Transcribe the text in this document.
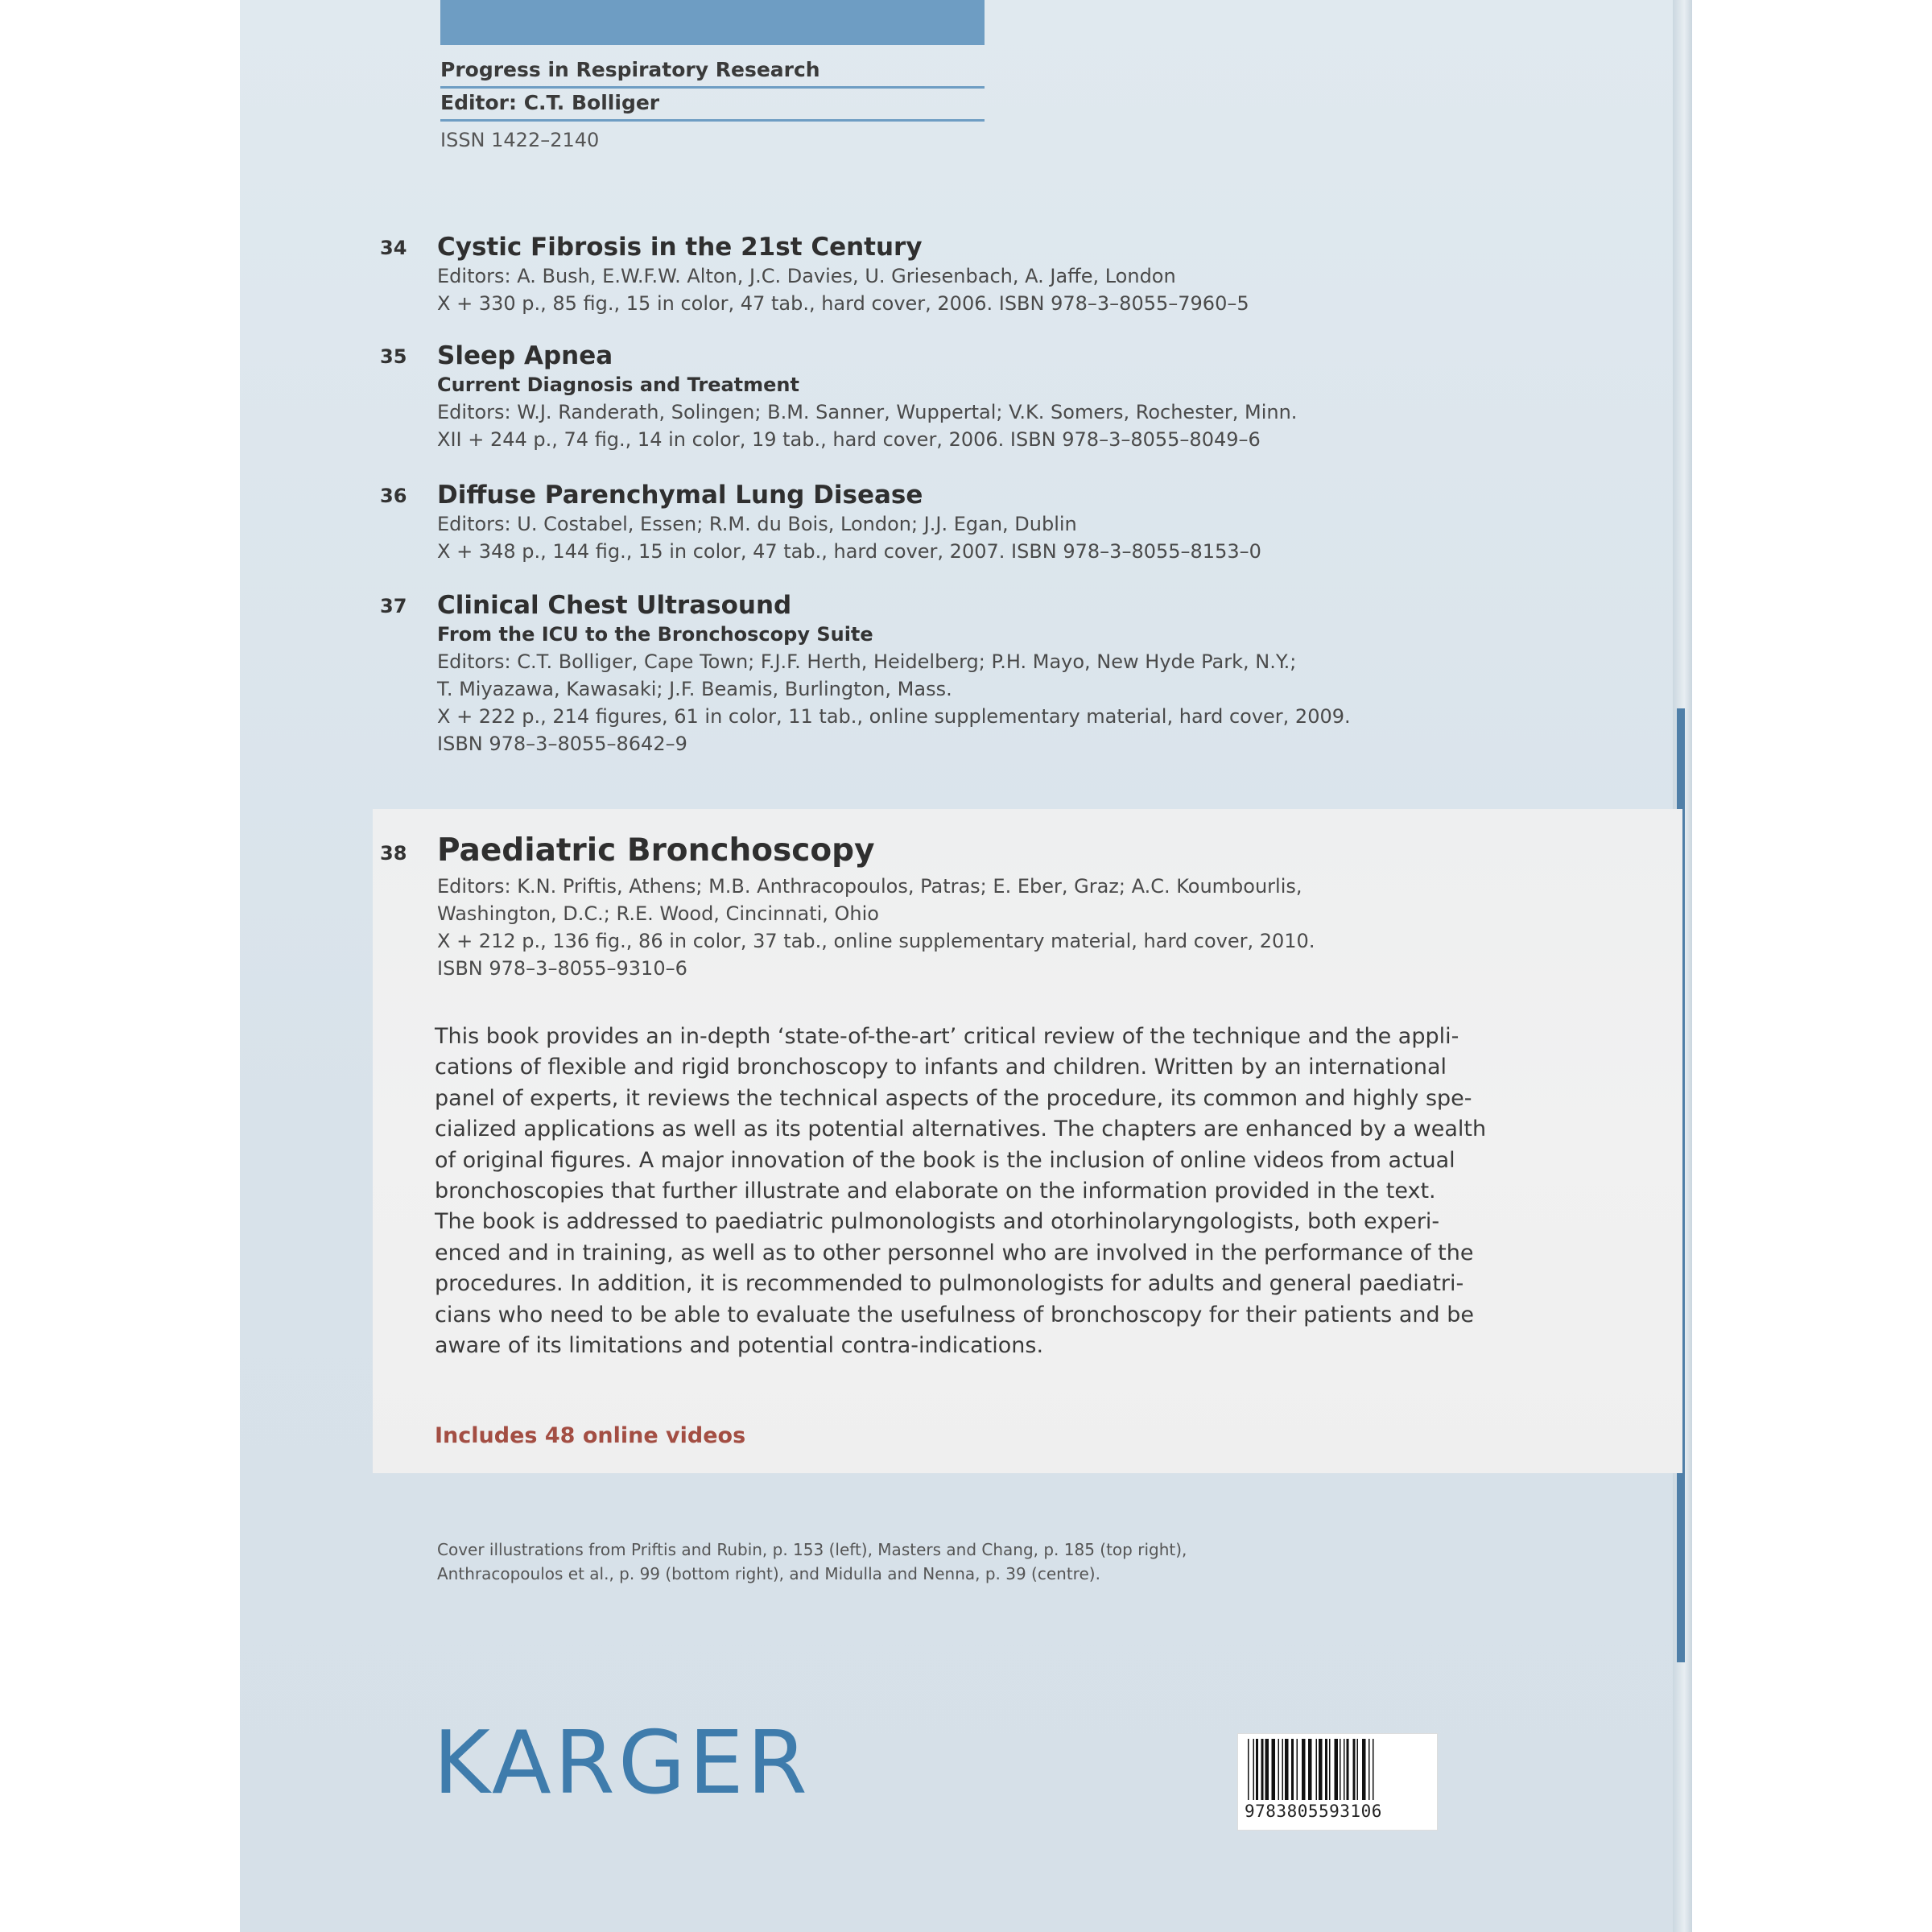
Progress in Respiratory Research
Editor: C.T. Bolliger
ISSN 1422–2140
34	Cystic Fibrosis in the 21st Century
Editors: A. Bush, E.W.F.W. Alton, J.C. Davies, U. Griesenbach, A. Jaffe, London
X + 330 p., 85 fig., 15 in color, 47 tab., hard cover, 2006. ISBN 978–3–8055–7960–5
35	Sleep Apnea
Current Diagnosis and Treatment
Editors: W.J. Randerath, Solingen; B.M. Sanner, Wuppertal; V.K. Somers, Rochester, Minn.
XII + 244 p., 74 fig., 14 in color, 19 tab., hard cover, 2006. ISBN 978–3–8055–8049–6
36	Diffuse Parenchymal Lung Disease
Editors: U. Costabel, Essen; R.M. du Bois, London; J.J. Egan, Dublin
X + 348 p., 144 fig., 15 in color, 47 tab., hard cover, 2007. ISBN 978–3–8055–8153–0
37	Clinical Chest Ultrasound
From the ICU to the Bronchoscopy Suite
Editors: C.T. Bolliger, Cape Town; F.J.F. Herth, Heidelberg; P.H. Mayo, New Hyde Park, N.Y.;
T. Miyazawa, Kawasaki; J.F. Beamis, Burlington, Mass.
X + 222 p., 214 figures, 61 in color, 11 tab., online supplementary material, hard cover, 2009.
ISBN 978–3–8055–8642–9
38 Paediatric Bronchoscopy
Editors: K.N. Priftis, Athens; M.B. Anthracopoulos, Patras; E. Eber, Graz; A.C. Koumbourlis,
Washington, D.C.; R.E. Wood, Cincinnati, Ohio
X + 212 p., 136 fig., 86 in color, 37 tab., online supplementary material, hard cover, 2010.
ISBN 978–3–8055–9310–6
This book provides an in-depth ‘state-of-the-art’ critical review of the technique and the appli-
cations of flexible and rigid bronchoscopy to infants and children. Written by an international
panel of experts, it reviews the technical aspects of the procedure, its common and highly spe-
cialized applications as well as its potential alternatives. The chapters are enhanced by a wealth
of original figures. A major innovation of the book is the inclusion of online videos from actual
bronchoscopies that further illustrate and elaborate on the information provided in the text.
The book is addressed to paediatric pulmonologists and otorhinolaryngologists, both experi-
enced and in training, as well as to other personnel who are involved in the performance of the
procedures. In addition, it is recommended to pulmonologists for adults and general paediatri-
cians who need to be able to evaluate the usefulness of bronchoscopy for their patients and be
aware of its limitations and potential contra-indications.
Includes 48 online videos
Cover illustrations from Priftis and Rubin, p. 153 (left), Masters and Chang, p. 185 (top right),
Anthracopoulos et al., p. 99 (bottom right), and Midulla and Nenna, p. 39 (centre).
KARGER	9783805593106
